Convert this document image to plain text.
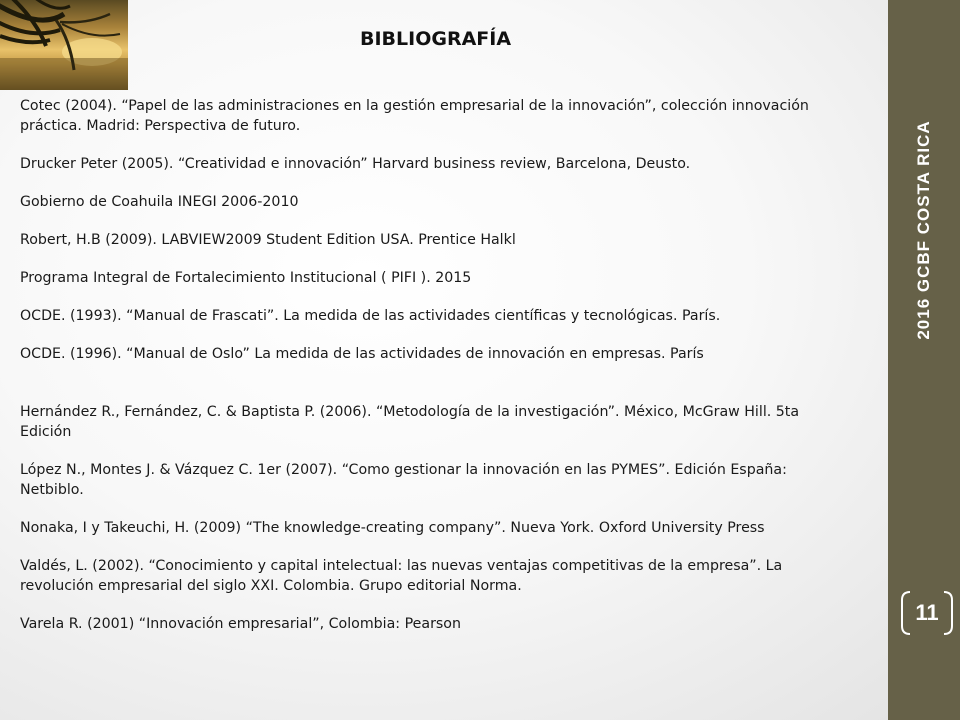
BIBLIOGRAFÍA

Cotec (2004). “Papel de las administraciones en la gestión empresarial de la innovación”, colección innovación práctica. Madrid: Perspectiva de futuro.

Drucker Peter (2005). “Creatividad e innovación” Harvard business review, Barcelona, Deusto.

Gobierno de Coahuila INEGI 2006-2010

Robert, H.B (2009). LABVIEW2009 Student Edition USA. Prentice Halkl

Programa Integral de Fortalecimiento Institucional ( PIFI ). 2015

OCDE. (1993). “Manual de Frascati”. La medida de las actividades científicas y tecnológicas. París.

OCDE. (1996). “Manual de Oslo” La medida de las actividades de innovación en empresas. París

Hernández R., Fernández, C. & Baptista P. (2006). “Metodología de la investigación”. México, McGraw Hill. 5ta Edición

López N., Montes J. & Vázquez C. 1er (2007). “Como gestionar la innovación en las PYMES”. Edición España: Netbiblo.

Nonaka, I y Takeuchi, H. (2009) “The knowledge-creating company”. Nueva York. Oxford University Press

Valdés, L. (2002). “Conocimiento y capital intelectual: las nuevas ventajas competitivas de la empresa”. La revolución empresarial del siglo XXI. Colombia. Grupo editorial Norma.

Varela R. (2001) “Innovación empresarial”, Colombia: Pearson

2016 GCBF COSTA RICA
11
